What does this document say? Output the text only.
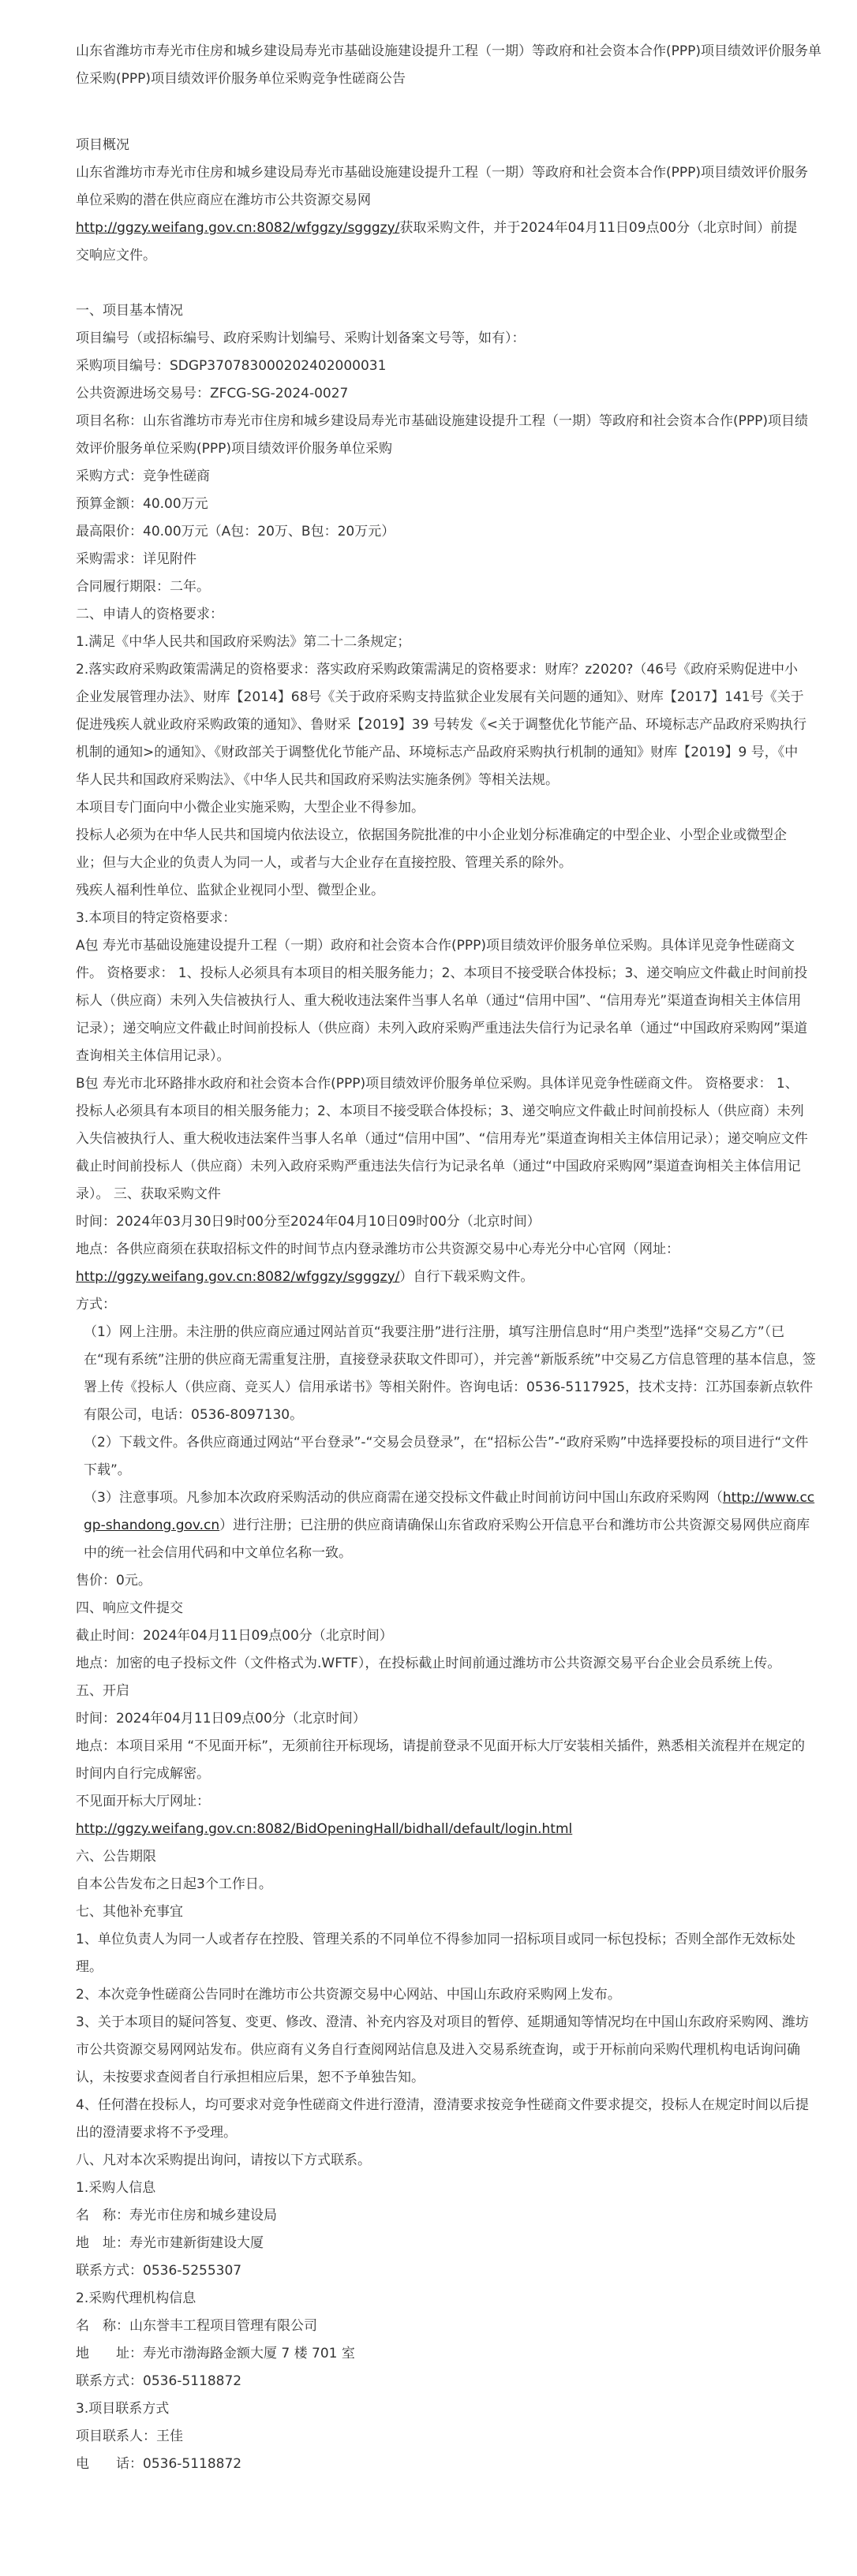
山东省潍坊市寿光市住房和城乡建设局寿光市基础设施建设提升工程（一期）等政府和社会资本合作(PPP)项目绩效评价服务单位采购(PPP)项目绩效评价服务单位采购竞争性磋商公告

项目概况

山东省潍坊市寿光市住房和城乡建设局寿光市基础设施建设提升工程（一期）等政府和社会资本合作(PPP)项目绩效评价服务单位采购的潜在供应商应在潍坊市公共资源交易网

http://ggzy.weifang.gov.cn:8082/wfggzy/sgggzy/获取采购文件，并于2024年04月11日09点00分（北京时间）前提交响应文件。

一、项目基本情况

项目编号（或招标编号、政府采购计划编号、采购计划备案文号等，如有）：

采购项目编号：SDGP370783000202402000031

公共资源进场交易号：ZFCG-SG-2024-0027

项目名称：山东省潍坊市寿光市住房和城乡建设局寿光市基础设施建设提升工程（一期）等政府和社会资本合作(PPP)项目绩效评价服务单位采购(PPP)项目绩效评价服务单位采购

采购方式：竞争性磋商

预算金额：40.00万元

最高限价：40.00万元（A包：20万、B包：20万元）

采购需求：详见附件

合同履行期限：二年。

二、申请人的资格要求：

1.满足《中华人民共和国政府采购法》第二十二条规定；

2.落实政府采购政策需满足的资格要求：落实政府采购政策需满足的资格要求：财库？z2020?（46号《政府采购促进中小企业发展管理办法》、财库【2014】68号《关于政府采购支持监狱企业发展有关问题的通知》、财库【2017】141号《关于促进残疾人就业政府采购政策的通知》、鲁财采【2019】39 号转发《<关于调整优化节能产品、环境标志产品政府采购执行机制的通知>的通知》、《财政部关于调整优化节能产品、环境标志产品政府采购执行机制的通知》财库【2019】9 号，《中华人民共和国政府采购法》、《中华人民共和国政府采购法实施条例》等相关法规。

本项目专门面向中小微企业实施采购，大型企业不得参加。

投标人必须为在中华人民共和国境内依法设立，依据国务院批准的中小企业划分标准确定的中型企业、小型企业或微型企业；但与大企业的负责人为同一人，或者与大企业存在直接控股、管理关系的除外。

残疾人福利性单位、监狱企业视同小型、微型企业。

3.本项目的特定资格要求：

A包 寿光市基础设施建设提升工程（一期）政府和社会资本合作(PPP)项目绩效评价服务单位采购。具体详见竞争性磋商文件。 资格要求： 1、投标人必须具有本项目的相关服务能力；2、本项目不接受联合体投标；3、递交响应文件截止时间前投标人（供应商）未列入失信被执行人、重大税收违法案件当事人名单（通过“信用中国”、“信用寿光”渠道查询相关主体信用记录）；递交响应文件截止时间前投标人（供应商）未列入政府采购严重违法失信行为记录名单（通过“中国政府采购网”渠道查询相关主体信用记录）。

B包 寿光市北环路排水政府和社会资本合作(PPP)项目绩效评价服务单位采购。具体详见竞争性磋商文件。 资格要求： 1、投标人必须具有本项目的相关服务能力；2、本项目不接受联合体投标；3、递交响应文件截止时间前投标人（供应商）未列入失信被执行人、重大税收违法案件当事人名单（通过“信用中国”、“信用寿光”渠道查询相关主体信用记录）；递交响应文件截止时间前投标人（供应商）未列入政府采购严重违法失信行为记录名单（通过“中国政府采购网”渠道查询相关主体信用记录）。 三、获取采购文件

时间：2024年03月30日9时00分至2024年04月10日09时00分（北京时间）

地点：各供应商须在获取招标文件的时间节点内登录潍坊市公共资源交易中心寿光分中心官网（网址：

http://ggzy.weifang.gov.cn:8082/wfggzy/sgggzy/）自行下载采购文件。

方式：

（1）网上注册。未注册的供应商应通过网站首页“我要注册”进行注册，填写注册信息时“用户类型”选择“交易乙方”（已在“现有系统”注册的供应商无需重复注册，直接登录获取文件即可），并完善“新版系统”中交易乙方信息管理的基本信息，签署上传《投标人（供应商、竞买人）信用承诺书》等相关附件。咨询电话：0536-5117925，技术支持：江苏国泰新点软件有限公司，电话：0536-8097130。

（2）下载文件。各供应商通过网站“平台登录”-“交易会员登录”，在“招标公告”-“政府采购”中选择要投标的项目进行“文件下载”。

（3）注意事项。凡参加本次政府采购活动的供应商需在递交投标文件截止时间前访问中国山东政府采购网（http://www.ccgp-shandong.gov.cn）进行注册；已注册的供应商请确保山东省政府采购公开信息平台和潍坊市公共资源交易网供应商库中的统一社会信用代码和中文单位名称一致。

售价：0元。

四、响应文件提交

截止时间：2024年04月11日09点00分（北京时间）

地点：加密的电子投标文件（文件格式为.WFTF），在投标截止时间前通过潍坊市公共资源交易平台企业会员系统上传。

五、开启

时间：2024年04月11日09点00分（北京时间）

地点：本项目采用 “不见面开标”，无须前往开标现场，请提前登录不见面开标大厅安装相关插件，熟悉相关流程并在规定的时间内自行完成解密。

不见面开标大厅网址：

http://ggzy.weifang.gov.cn:8082/BidOpeningHall/bidhall/default/login.html

六、公告期限

自本公告发布之日起3个工作日。

七、其他补充事宜

1、单位负责人为同一人或者存在控股、管理关系的不同单位不得参加同一招标项目或同一标包投标；否则全部作无效标处理。

2、本次竞争性磋商公告同时在潍坊市公共资源交易中心网站、中国山东政府采购网上发布。

3、关于本项目的疑问答复、变更、修改、澄清、补充内容及对项目的暂停、延期通知等情况均在中国山东政府采购网、潍坊市公共资源交易网网站发布。供应商有义务自行查阅网站信息及进入交易系统查询，或于开标前向采购代理机构电话询问确认，未按要求查阅者自行承担相应后果，恕不予单独告知。

4、任何潜在投标人，均可要求对竞争性磋商文件进行澄清，澄清要求按竞争性磋商文件要求提交，投标人在规定时间以后提出的澄清要求将不予受理。

八、凡对本次采购提出询问，请按以下方式联系。

1.采购人信息

名　称：寿光市住房和城乡建设局

地　址：寿光市建新街建设大厦

联系方式：0536-5255307

2.采购代理机构信息

名　称：山东誉丰工程项目管理有限公司

地　　址：寿光市渤海路金额大厦 7 楼 701 室

联系方式：0536-5118872

3.项目联系方式

项目联系人：王佳

电　　话：0536-5118872
